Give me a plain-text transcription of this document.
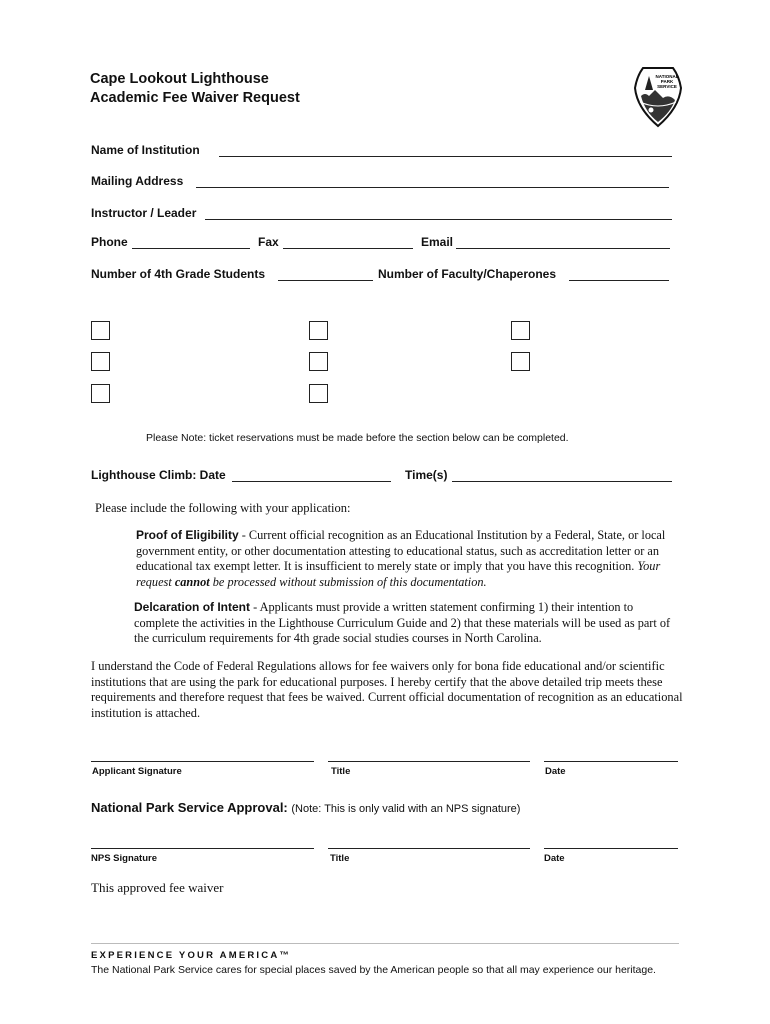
Cape Lookout Lighthouse
Academic Fee Waiver Request
NATIONAL
PARK
SERVICE
Name of Institution
Mailing Address
Instructor / Leader
Phone	Fax	Email
Number of 4th Grade Students	Number of Faculty/Chaperones
Please Note: ticket reservations must be made before the section below can be completed.
Lighthouse Climb: Date	Time(s)
Please include the following with your application:
Proof of Eligibility - Current official recognition as an Educational Institution by a Federal, State, or local government entity, or other documentation attesting to educational status, such as accreditation letter or an educational tax exempt letter. It is insufficient to merely state or imply that you have this recognition. Your request cannot be processed without submission of this documentation.
Delcaration of Intent - Applicants must provide a written statement confirming 1) their intention to complete the activities in the Lighthouse Curriculum Guide and 2) that these materials will be used as part of the curriculum requirements for 4th grade social studies courses in North Carolina.
I understand the Code of Federal Regulations allows for fee waivers only for bona fide educational and/or scientific institutions that are using the park for educational purposes. I hereby certify that the above detailed trip meets these requirements and therefore request that fees be waived. Current official documentation of recognition as an educational institution is attached.
Applicant Signature	Title	Date
National Park Service Approval: (Note: This is only valid with an NPS signature)
NPS Signature	Title	Date
This approved fee waiver
EXPERIENCE YOUR AMERICA™
The National Park Service cares for special places saved by the American people so that all may experience our heritage.
